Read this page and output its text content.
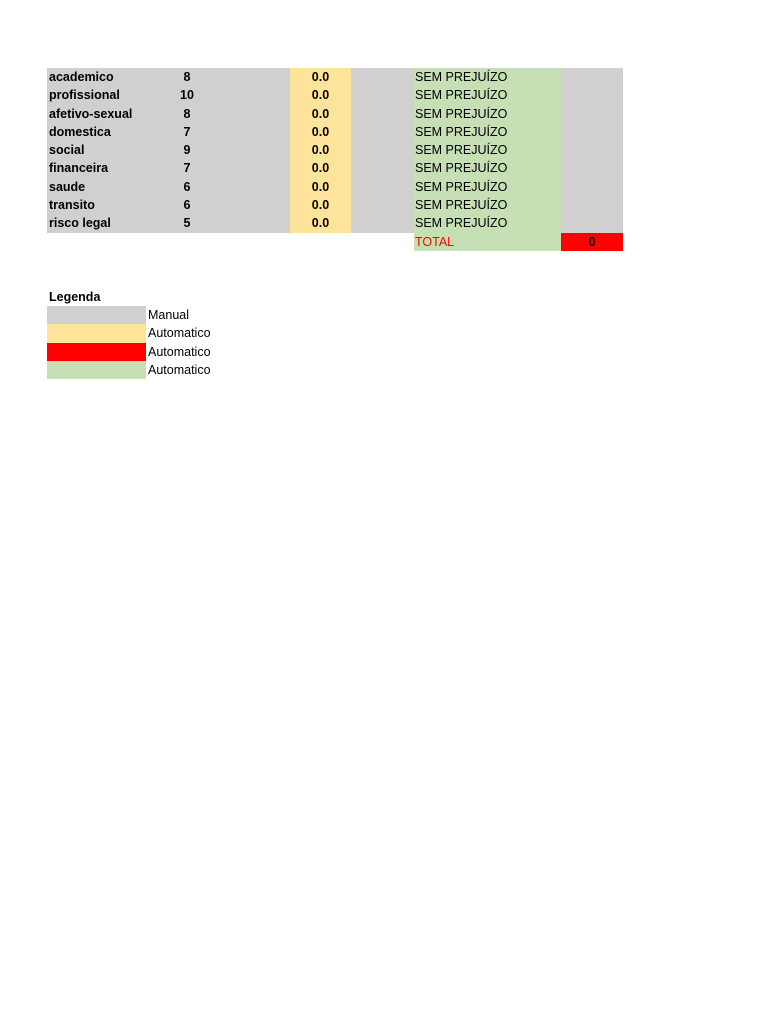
academico	8	0.0	SEM PREJUÍZO
profissional	10	0.0	SEM PREJUÍZO
afetivo-sexual	8	0.0	SEM PREJUÍZO
domestica	7	0.0	SEM PREJUÍZO
social	9	0.0	SEM PREJUÍZO
financeira	7	0.0	SEM PREJUÍZO
saude	6	0.0	SEM PREJUÍZO
transito	6	0.0	SEM PREJUÍZO
risco legal	5	0.0	SEM PREJUÍZO
TOTAL	0
Legenda
Manual
Automatico
Automatico
Automatico
